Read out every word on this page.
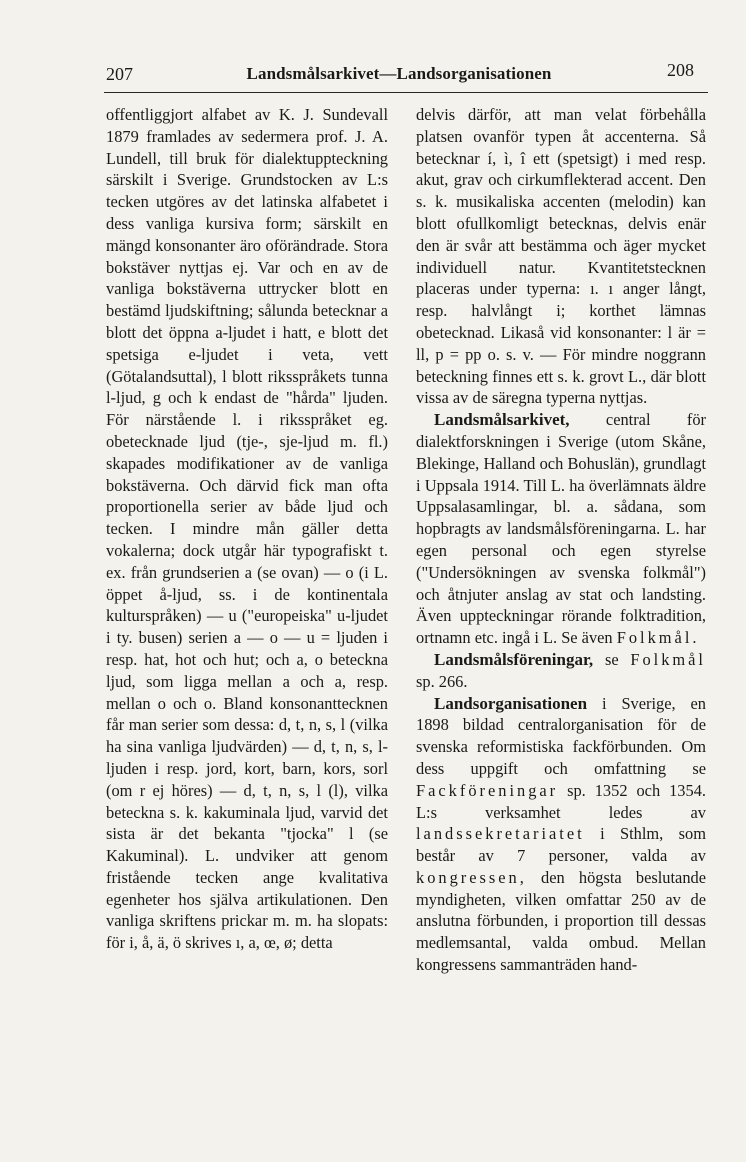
207	Landsmålsarkivet—Landsorganisationen	208

offentliggjort alfabet av K. J. Sundevall 1879 framlades av sedermera prof. J. A. Lundell, till bruk för dialektuppteckning särskilt i Sverige. Grundstocken av L:s tecken utgöres av det latinska alfabetet i dess vanliga kursiva form; särskilt en mängd konsonanter äro oförändrade. Stora bokstäver nyttjas ej. Var och en av de vanliga bokstäverna uttrycker blott en bestämd ljudskiftning; sålunda betecknar a blott det öppna a-ljudet i hatt, e blott det spetsiga e-ljudet i veta, vett (Götalandsuttal), l blott riksspråkets tunna l-ljud, g och k endast de "hårda" ljuden. För närstående l. i riksspråket eg. obetecknade ljud (tje-, sje-ljud m. fl.) skapades modifikationer av de vanliga bokstäverna. Och därvid fick man ofta proportionella serier av både ljud och tecken. I mindre mån gäller detta vokalerna; dock utgår här typografiskt t. ex. från grundserien a (se ovan) — o (i L. öppet å-ljud, ss. i de kontinentala kulturspråken) — u ("europeiska" u-ljudet i ty. busen) serien a — o — u = ljuden i resp. hat, hot och hut; och a, o beteckna ljud, som ligga mellan a och a, resp. mellan o och o. Bland konsonanttecknen får man serier som dessa: d, t, n, s, l (vilka ha sina vanliga ljudvärden) — d, t, n, s, l-ljuden i resp. jord, kort, barn, kors, sorl (om r ej höres) — d, t, n, s, l (l), vilka beteckna s. k. kakuminala ljud, varvid det sista är det bekanta "tjocka" l (se Kakuminal). L. undviker att genom fristående tecken ange kvalitativa egenheter hos själva artikulationen. Den vanliga skriftens prickar m. m. ha slopats: för i, å, ä, ö skrives ı, a, œ, ø; detta

delvis därför, att man velat förbehålla platsen ovanför typen åt accenterna. Så betecknar í, ì, î ett (spetsigt) i med resp. akut, grav och cirkumflekterad accent. Den s. k. musikaliska accenten (melodin) kan blott ofullkomligt betecknas, delvis enär den är svår att bestämma och äger mycket individuell natur. Kvantitetstecknen placeras under typerna: ı. ı anger långt, resp. halvlångt i; korthet lämnas obetecknad. Likaså vid konsonanter: l är = ll, p = pp o. s. v. — För mindre noggrann beteckning finnes ett s. k. grovt L., där blott vissa av de säregna typerna nyttjas.

Landsmålsarkivet, central för dialektforskningen i Sverige (utom Skåne, Blekinge, Halland och Bohuslän), grundlagt i Uppsala 1914. Till L. ha överlämnats äldre Uppsalasamlingar, bl. a. sådana, som hopbragts av landsmålsföreningarna. L. har egen personal och egen styrelse ("Undersökningen av svenska folkmål") och åtnjuter anslag av stat och landsting. Även uppteckningar rörande folktradition, ortnamn etc. ingå i L. Se även Folkmål.

Landsmålsföreningar, se Folkmål sp. 266.

Landsorganisationen i Sverige, en 1898 bildad centralorganisation för de svenska reformistiska fackförbunden. Om dess uppgift och omfattning se Fackföreningar sp. 1352 och 1354. L:s verksamhet ledes av landssekretariatet i Sthlm, som består av 7 personer, valda av kongressen, den högsta beslutande myndigheten, vilken omfattar 250 av de anslutna förbunden, i proportion till dessas medlemsantal, valda ombud. Mellan kongressens sammanträden hand-
